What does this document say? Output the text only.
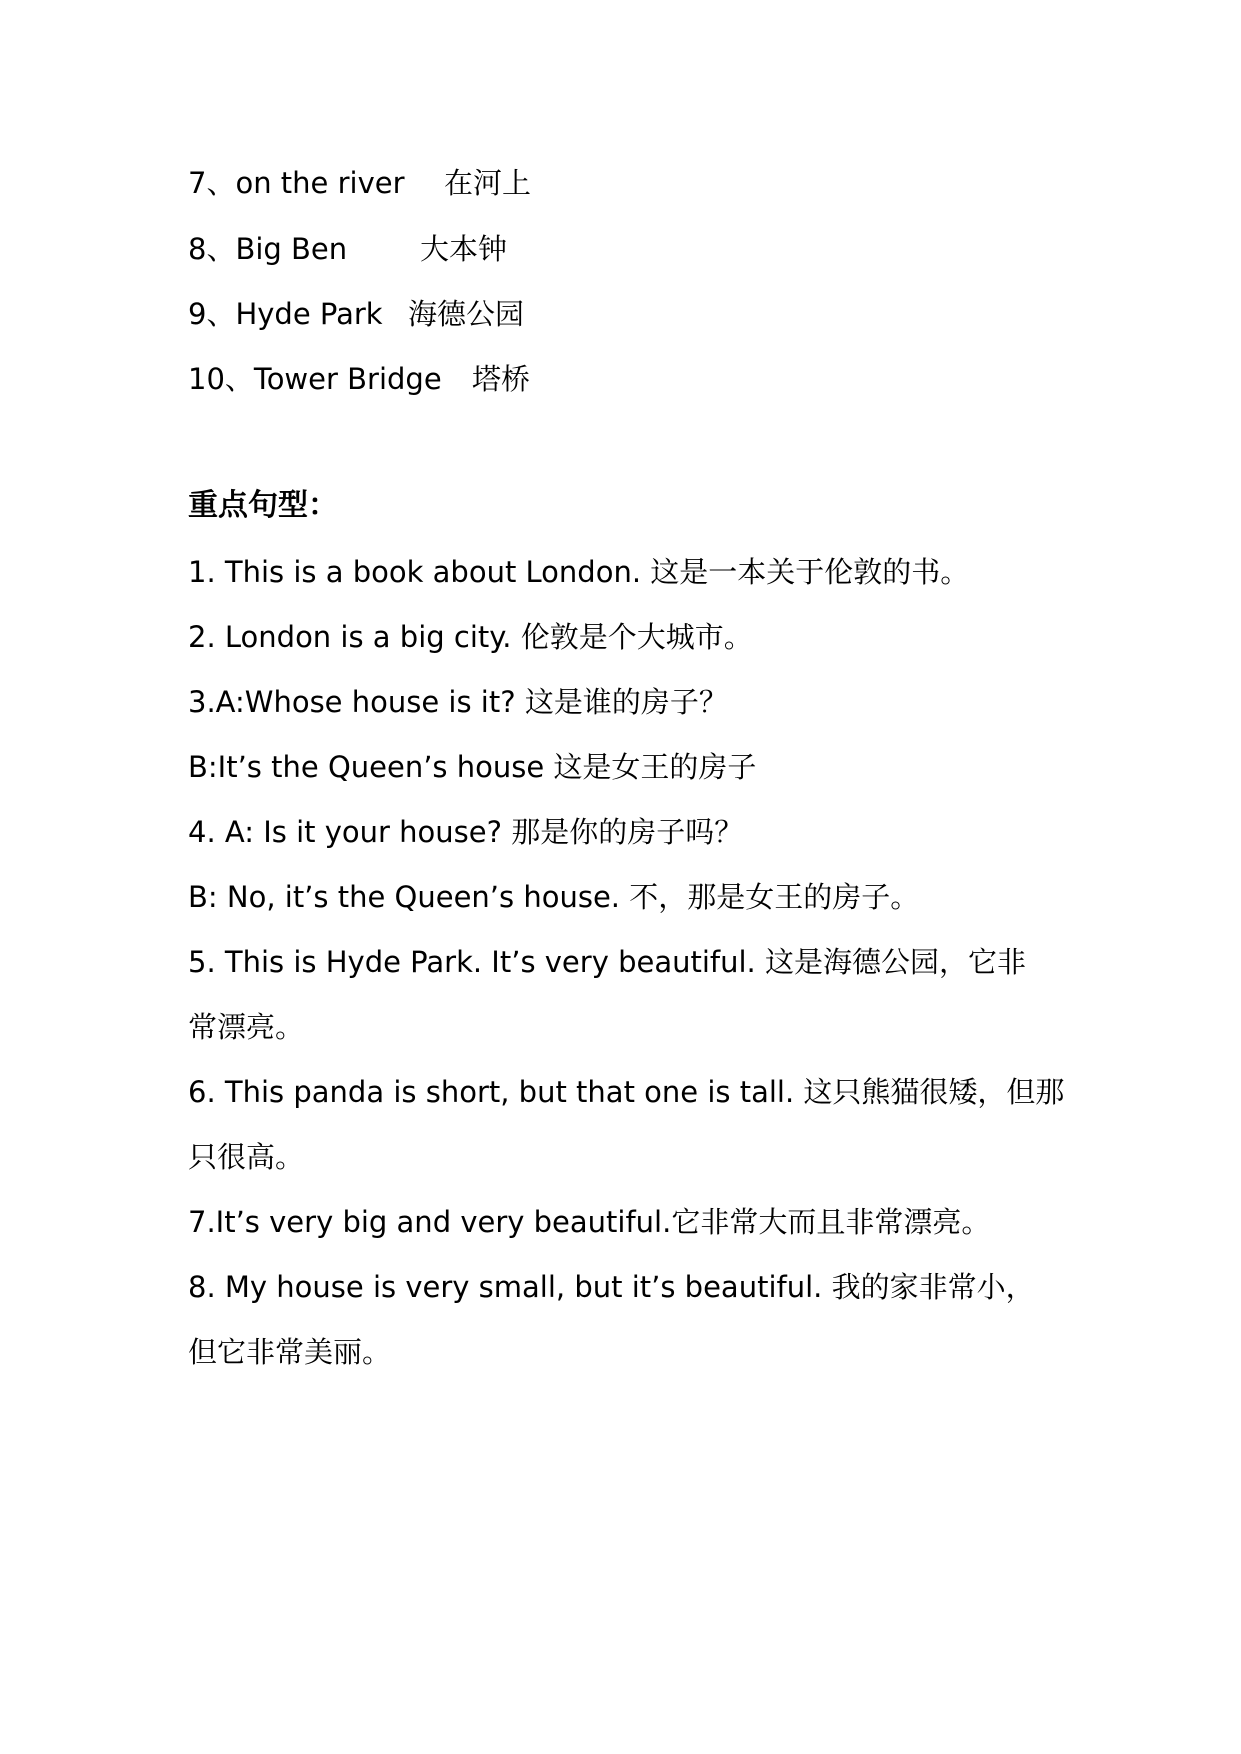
7、on the river 在河上
8、Big Ben	大本钟
9、Hyde Park 海德公园
10、Tower Bridge 塔桥
重点句型：
1. This is a book about London. 这是一本关于伦敦的书。
2. London is a big city. 伦敦是个大城市。
3.A:Whose house is it? 这是谁的房子？
B:It’s the Queen’s house 这是女王的房子
4. A: Is it your house? 那是你的房子吗？
B: No, it’s the Queen’s house. 不，那是女王的房子。
5. This is Hyde Park. It’s very beautiful. 这是海德公园，它非
常漂亮。
6. This panda is short, but that one is tall. 这只熊猫很矮，但那
只很高。
7.It’s very big and very beautiful.它非常大而且非常漂亮。
8. My house is very small, but it’s beautiful. 我的家非常小，
但它非常美丽。
